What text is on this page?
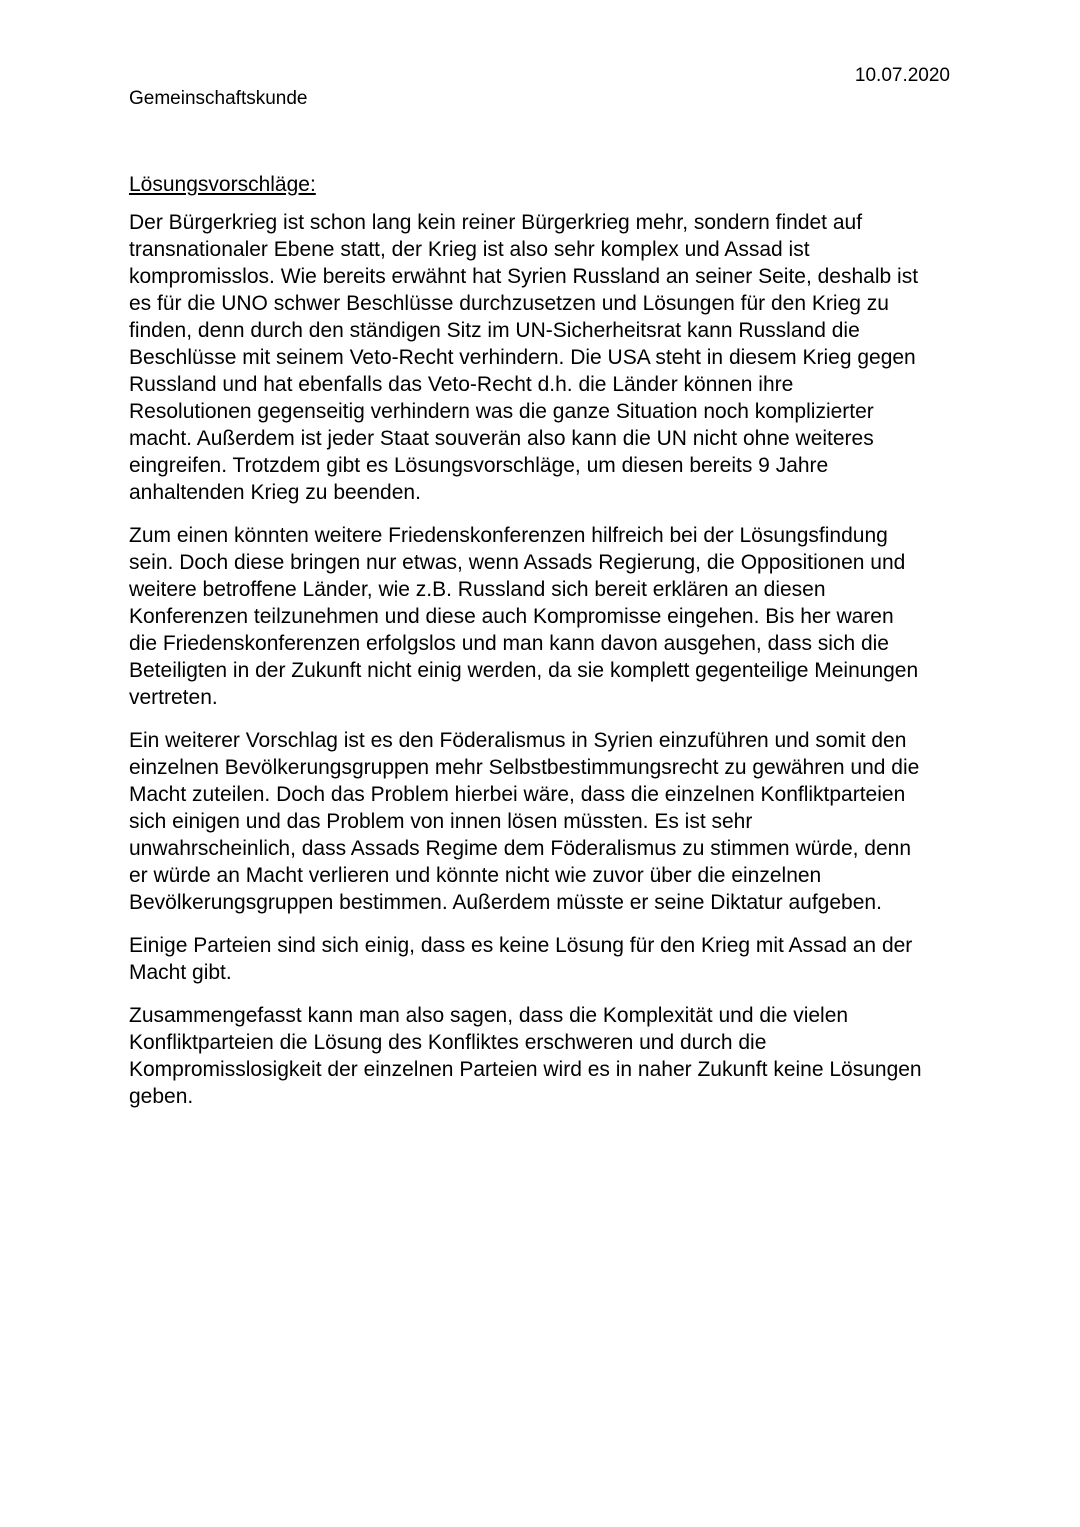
10.07.2020
Gemeinschaftskunde
Lösungsvorschläge:

Der Bürgerkrieg ist schon lang kein reiner Bürgerkrieg mehr, sondern findet auf
transnationaler Ebene statt, der Krieg ist also sehr komplex und Assad ist
kompromisslos. Wie bereits erwähnt hat Syrien Russland an seiner Seite, deshalb ist
es für die UNO schwer Beschlüsse durchzusetzen und Lösungen für den Krieg zu
finden, denn durch den ständigen Sitz im UN-Sicherheitsrat kann Russland die
Beschlüsse mit seinem Veto-Recht verhindern. Die USA steht in diesem Krieg gegen
Russland und hat ebenfalls das Veto-Recht d.h. die Länder können ihre
Resolutionen gegenseitig verhindern was die ganze Situation noch komplizierter
macht. Außerdem ist jeder Staat souverän also kann die UN nicht ohne weiteres
eingreifen. Trotzdem gibt es Lösungsvorschläge, um diesen bereits 9 Jahre
anhaltenden Krieg zu beenden.

Zum einen könnten weitere Friedenskonferenzen hilfreich bei der Lösungsfindung
sein. Doch diese bringen nur etwas, wenn Assads Regierung, die Oppositionen und
weitere betroffene Länder, wie z.B. Russland sich bereit erklären an diesen
Konferenzen teilzunehmen und diese auch Kompromisse eingehen. Bis her waren
die Friedenskonferenzen erfolgslos und man kann davon ausgehen, dass sich die
Beteiligten in der Zukunft nicht einig werden, da sie komplett gegenteilige Meinungen
vertreten.

Ein weiterer Vorschlag ist es den Föderalismus in Syrien einzuführen und somit den
einzelnen Bevölkerungsgruppen mehr Selbstbestimmungsrecht zu gewähren und die
Macht zuteilen. Doch das Problem hierbei wäre, dass die einzelnen Konfliktparteien
sich einigen und das Problem von innen lösen müssten. Es ist sehr
unwahrscheinlich, dass Assads Regime dem Föderalismus zu stimmen würde, denn
er würde an Macht verlieren und könnte nicht wie zuvor über die einzelnen
Bevölkerungsgruppen bestimmen. Außerdem müsste er seine Diktatur aufgeben.

Einige Parteien sind sich einig, dass es keine Lösung für den Krieg mit Assad an der
Macht gibt.

Zusammengefasst kann man also sagen, dass die Komplexität und die vielen
Konfliktparteien die Lösung des Konfliktes erschweren und durch die
Kompromisslosigkeit der einzelnen Parteien wird es in naher Zukunft keine Lösungen
geben.
